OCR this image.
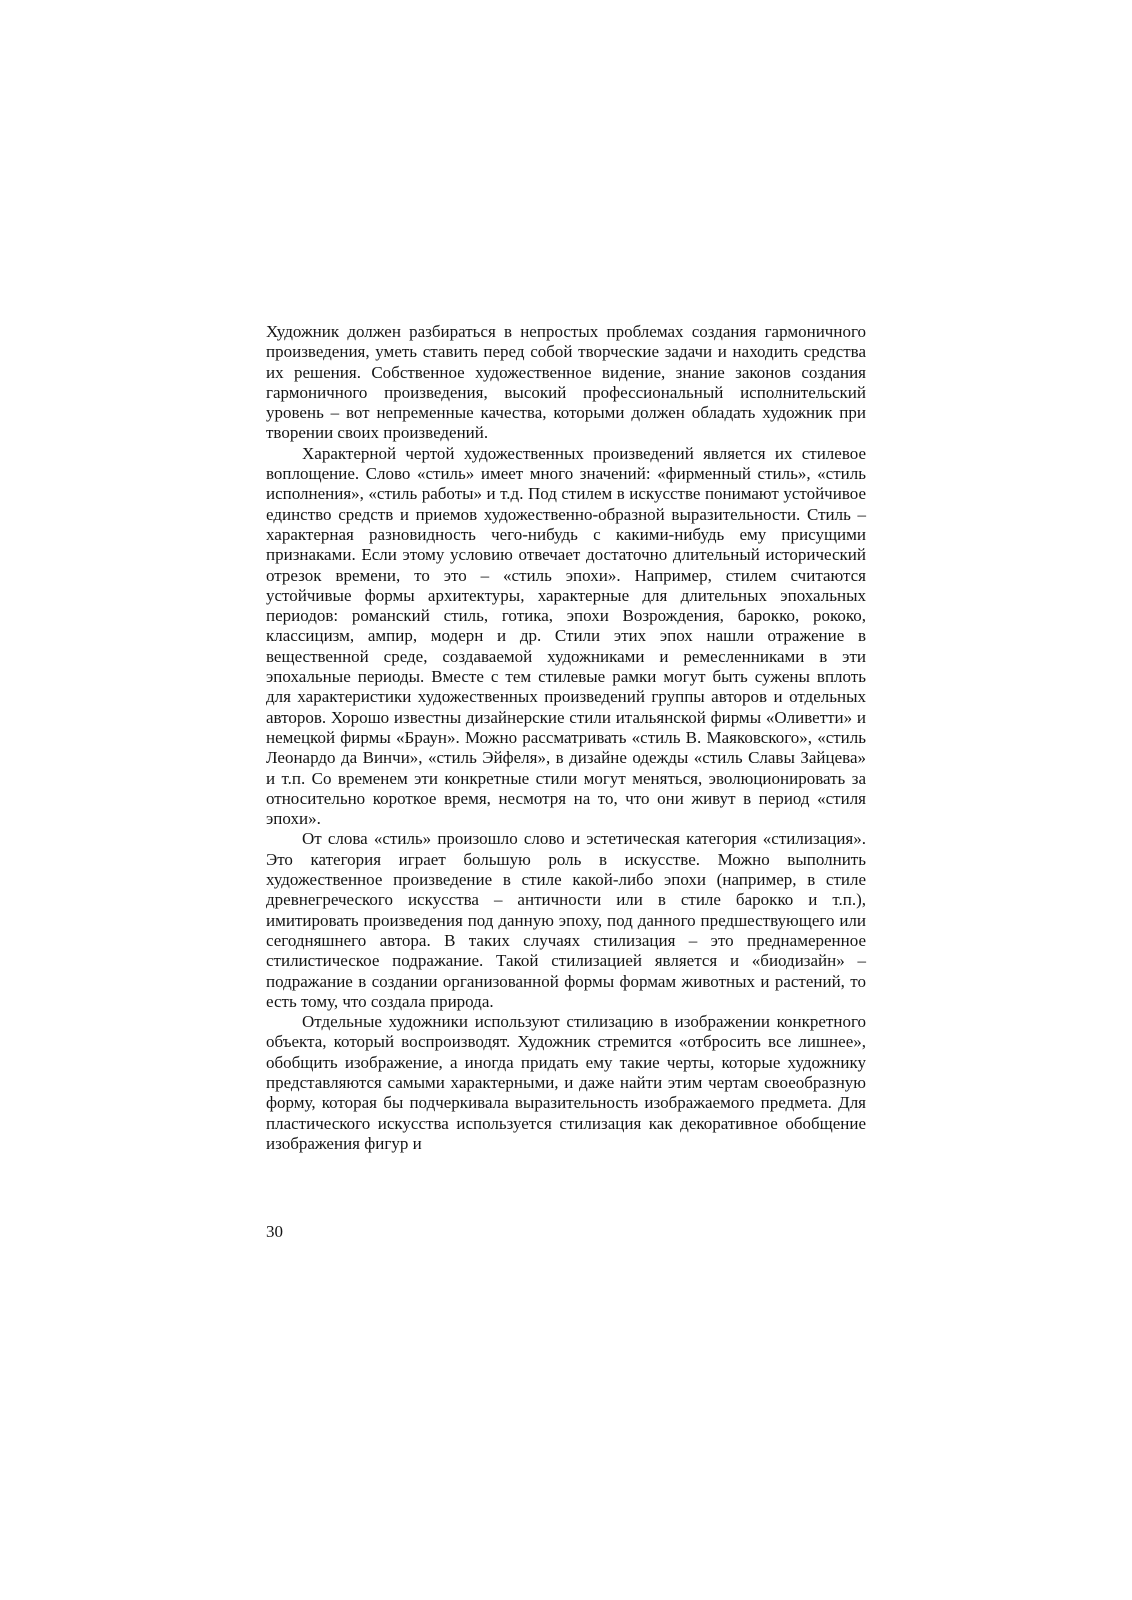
Художник должен разбираться в непростых проблемах создания гармоничного произведения, уметь ставить перед собой творческие задачи и находить средства их решения. Собственное художественное видение, знание законов создания гармоничного произведения, высокий профессиональный исполнительский уровень – вот непременные качества, которыми должен обладать художник при творении своих произведений.

Характерной чертой художественных произведений является их стилевое воплощение. Слово «стиль» имеет много значений: «фирменный стиль», «стиль исполнения», «стиль работы» и т.д. Под стилем в искусстве понимают устойчивое единство средств и приемов художественно-образной выразительности. Стиль – характерная разновидность чего-нибудь с какими-нибудь ему присущими признаками. Если этому условию отвечает достаточно длительный исторический отрезок времени, то это – «стиль эпохи». Например, стилем считаются устойчивые формы архитектуры, характерные для длительных эпохальных периодов: романский стиль, готика, эпохи Возрождения, барокко, рококо, классицизм, ампир, модерн и др. Стили этих эпох нашли отражение в вещественной среде, создаваемой художниками и ремесленниками в эти эпохальные периоды. Вместе с тем стилевые рамки могут быть сужены вплоть для характеристики художественных произведений группы авторов и отдельных авторов. Хорошо известны дизайнерские стили итальянской фирмы «Оливетти» и немецкой фирмы «Браун». Можно рассматривать «стиль В. Маяковского», «стиль Леонардо да Винчи», «стиль Эйфеля», в дизайне одежды «стиль Славы Зайцева» и т.п. Со временем эти конкретные стили могут меняться, эволюционировать за относительно короткое время, несмотря на то, что они живут в период «стиля эпохи».

От слова «стиль» произошло слово и эстетическая категория «стилизация». Это категория играет большую роль в искусстве. Можно выполнить художественное произведение в стиле какой-либо эпохи (например, в стиле древнегреческого искусства – античности или в стиле барокко и т.п.), имитировать произведения под данную эпоху, под данного предшествующего или сегодняшнего автора. В таких случаях стилизация – это преднамеренное стилистическое подражание. Такой стилизацией является и «биодизайн» – подражание в создании организованной формы формам животных и растений, то есть тому, что создала природа.

Отдельные художники используют стилизацию в изображении конкретного объекта, который воспроизводят. Художник стремится «отбросить все лишнее», обобщить изображение, а иногда придать ему такие черты, которые художнику представляются самыми характерными, и даже найти этим чертам своеобразную форму, которая бы подчеркивала выразительность изображаемого предмета. Для пластического искусства используется стилизация как декоративное обобщение изображения фигур и

30
